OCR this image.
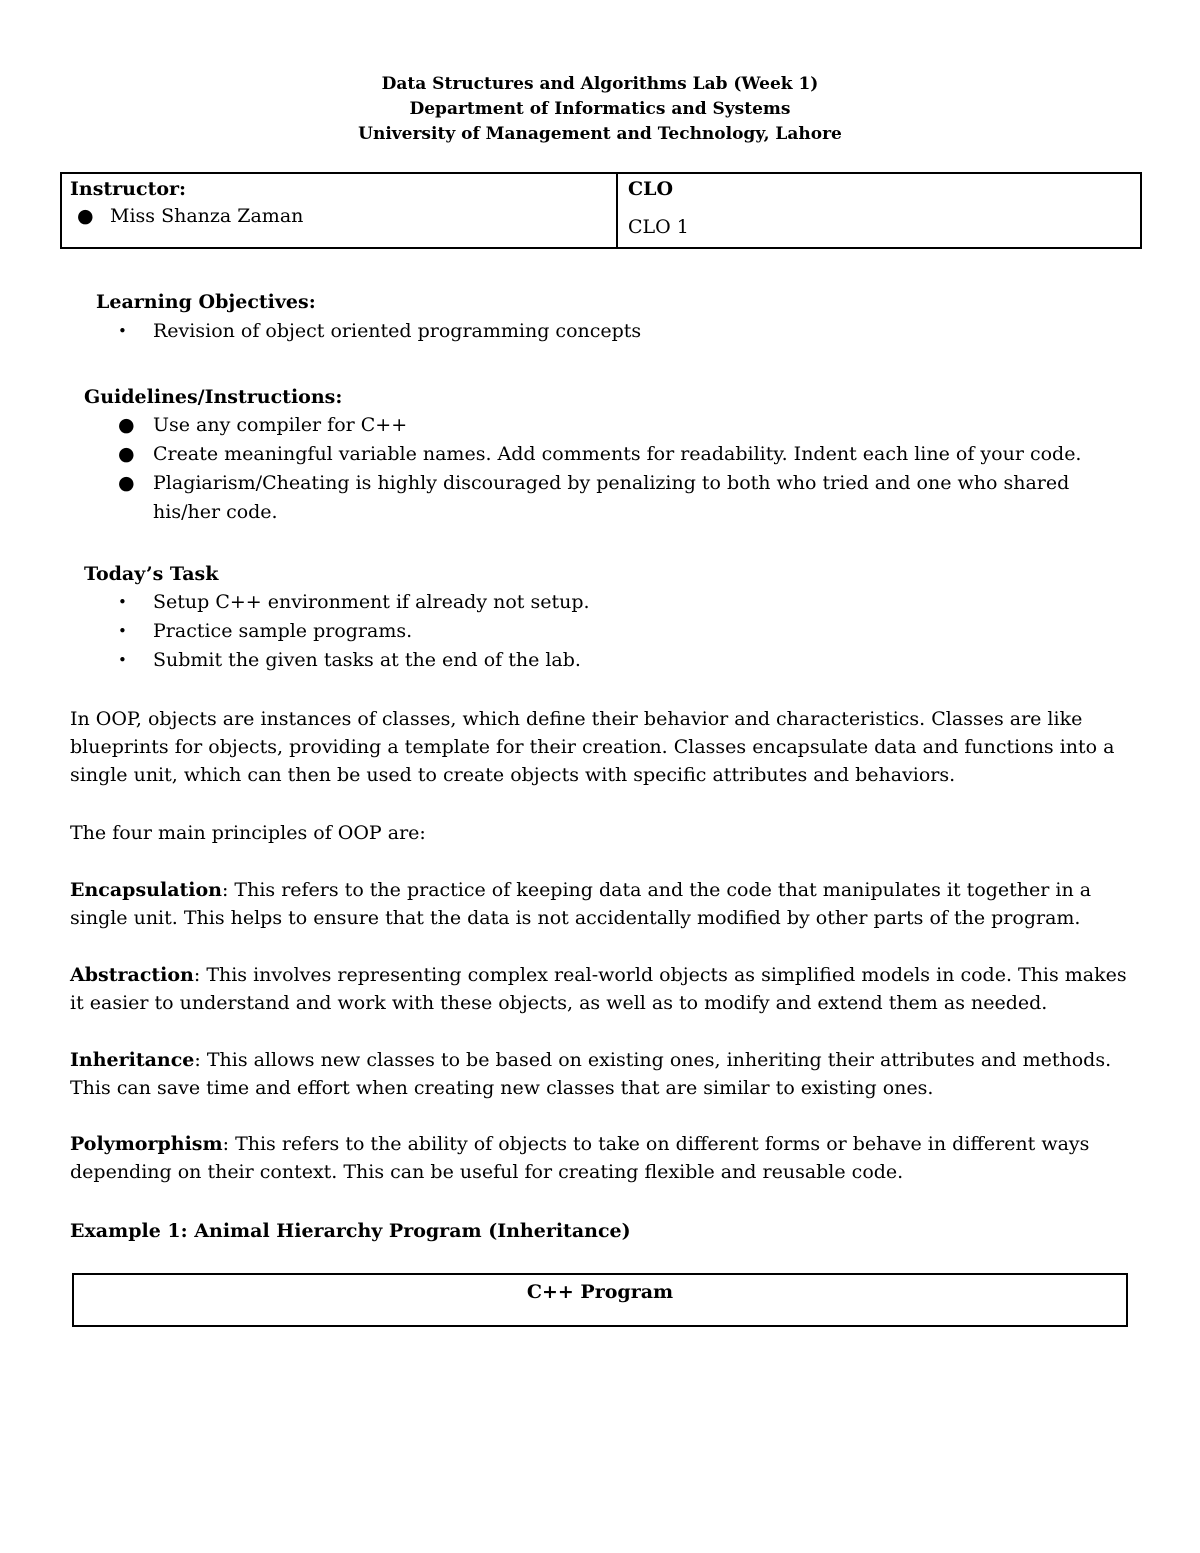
Data Structures and Algorithms Lab (Week 1)
Department of Informatics and Systems
University of Management and Technology, Lahore
Instructor:
● Miss Shanza Zaman

CLO
CLO 1
Learning Objectives:
•	Revision of object oriented programming concepts
Guidelines/Instructions:
● Use any compiler for C++
● Create meaningful variable names. Add comments for readability. Indent each line of your code.
● Plagiarism/Cheating is highly discouraged by penalizing to both who tried and one who shared his/her code.
Today’s Task
•	Setup C++ environment if already not setup.
•	Practice sample programs.
•	Submit the given tasks at the end of the lab.
In OOP, objects are instances of classes, which define their behavior and characteristics. Classes are like blueprints for objects, providing a template for their creation. Classes encapsulate data and functions into a single unit, which can then be used to create objects with specific attributes and behaviors.
The four main principles of OOP are:
Encapsulation: This refers to the practice of keeping data and the code that manipulates it together in a single unit. This helps to ensure that the data is not accidentally modified by other parts of the program.
Abstraction: This involves representing complex real-world objects as simplified models in code. This makes it easier to understand and work with these objects, as well as to modify and extend them as needed.
Inheritance: This allows new classes to be based on existing ones, inheriting their attributes and methods. This can save time and effort when creating new classes that are similar to existing ones.
Polymorphism: This refers to the ability of objects to take on different forms or behave in different ways depending on their context. This can be useful for creating flexible and reusable code.
Example 1: Animal Hierarchy Program (Inheritance)
C++ Program
